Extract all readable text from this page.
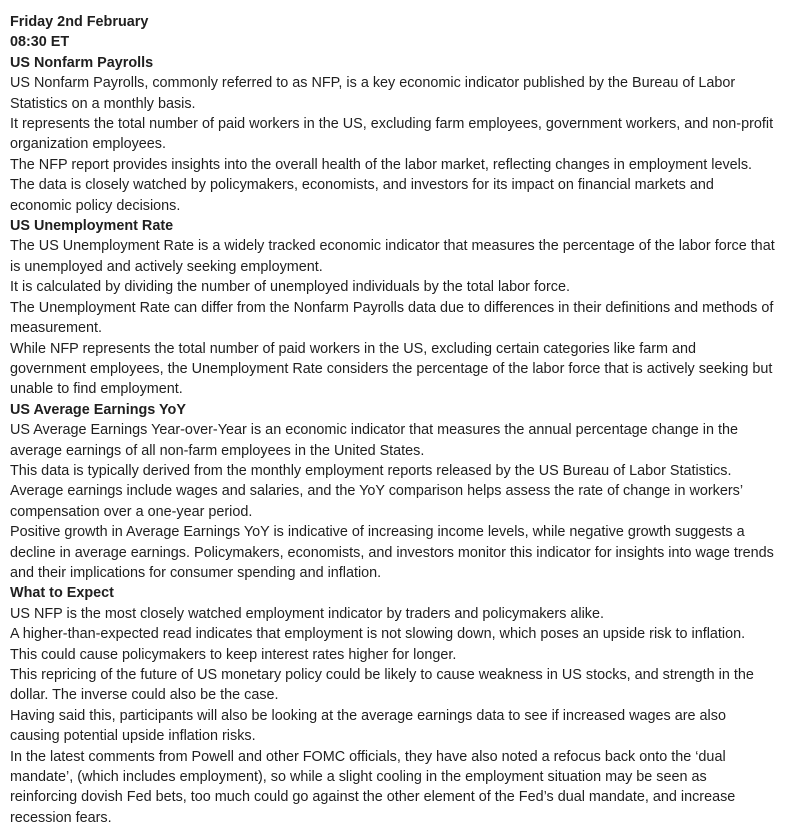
Friday 2nd February
08:30 ET
US Nonfarm Payrolls
US Nonfarm Payrolls, commonly referred to as NFP, is a key economic indicator published by the Bureau of Labor Statistics on a monthly basis.
It represents the total number of paid workers in the US, excluding farm employees, government workers, and non-profit organization employees.
The NFP report provides insights into the overall health of the labor market, reflecting changes in employment levels.
The data is closely watched by policymakers, economists, and investors for its impact on financial markets and economic policy decisions.
US Unemployment Rate
The US Unemployment Rate is a widely tracked economic indicator that measures the percentage of the labor force that is unemployed and actively seeking employment.
It is calculated by dividing the number of unemployed individuals by the total labor force.
The Unemployment Rate can differ from the Nonfarm Payrolls data due to differences in their definitions and methods of measurement.
While NFP represents the total number of paid workers in the US, excluding certain categories like farm and government employees, the Unemployment Rate considers the percentage of the labor force that is actively seeking but unable to find employment.
US Average Earnings YoY
US Average Earnings Year-over-Year is an economic indicator that measures the annual percentage change in the average earnings of all non-farm employees in the United States.
This data is typically derived from the monthly employment reports released by the US Bureau of Labor Statistics.
Average earnings include wages and salaries, and the YoY comparison helps assess the rate of change in workers’ compensation over a one-year period.
Positive growth in Average Earnings YoY is indicative of increasing income levels, while negative growth suggests a decline in average earnings. Policymakers, economists, and investors monitor this indicator for insights into wage trends and their implications for consumer spending and inflation.
What to Expect
US NFP is the most closely watched employment indicator by traders and policymakers alike.
A higher-than-expected read indicates that employment is not slowing down, which poses an upside risk to inflation. This could cause policymakers to keep interest rates higher for longer.
This repricing of the future of US monetary policy could be likely to cause weakness in US stocks, and strength in the dollar. The inverse could also be the case.
Having said this, participants will also be looking at the average earnings data to see if increased wages are also causing potential upside inflation risks.
In the latest comments from Powell and other FOMC officials, they have also noted a refocus back onto the ‘dual mandate’, (which includes employment), so while a slight cooling in the employment situation may be seen as reinforcing dovish Fed bets, too much could go against the other element of the Fed’s dual mandate, and increase recession fears.
